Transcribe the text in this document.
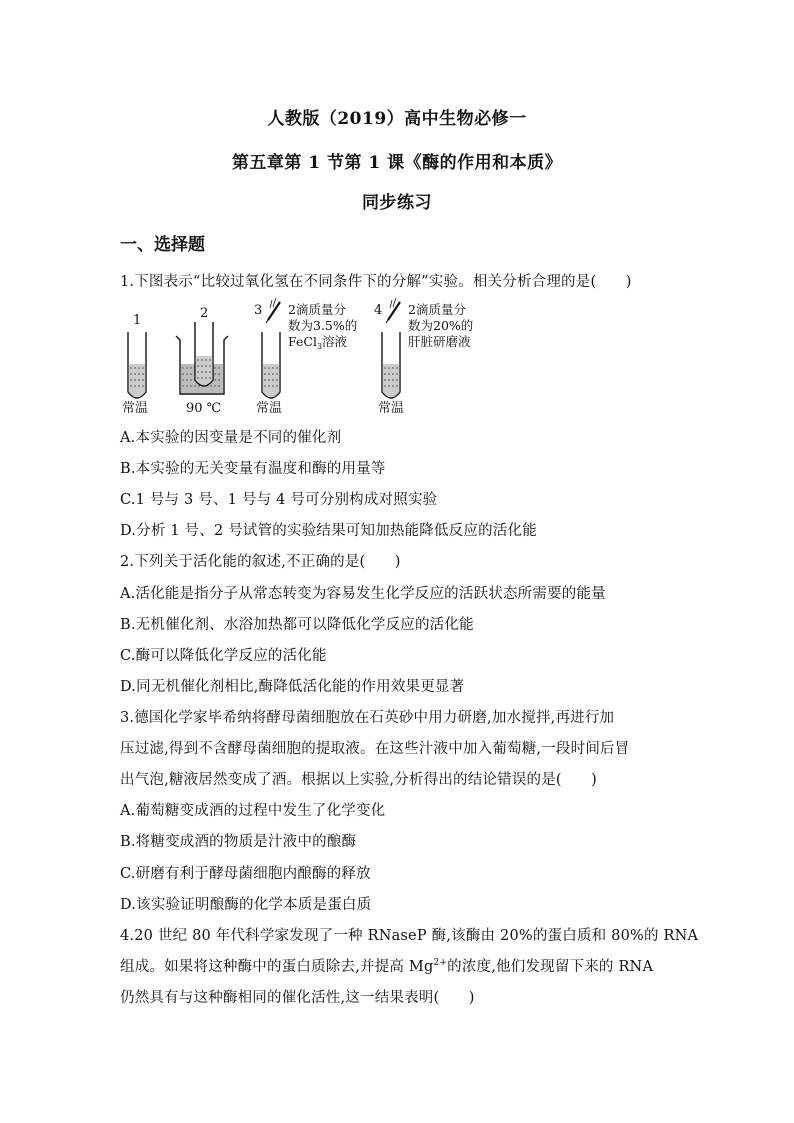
人教版（2019）高中生物必修一
第五章第 1 节第 1 课《酶的作用和本质》
同步练习
一、选择题
1.下图表示“比较过氧化氢在不同条件下的分解”实验。相关分析合理的是(　　)
1
常温
2
90 ℃
3 2滴质量分
数为3.5%的
FeCl$_3$溶液
常温
4 2滴质量分
数为20%的
肝脏研磨液
常温
A.本实验的因变量是不同的催化剂
B.本实验的无关变量有温度和酶的用量等
C.1 号与 3 号、1 号与 4 号可分别构成对照实验
D.分析 1 号、2 号试管的实验结果可知加热能降低反应的活化能
2.下列关于活化能的叙述,不正确的是(　　)
A.活化能是指分子从常态转变为容易发生化学反应的活跃状态所需要的能量
B.无机催化剂、水浴加热都可以降低化学反应的活化能
C.酶可以降低化学反应的活化能
D.同无机催化剂相比,酶降低活化能的作用效果更显著
3.德国化学家毕希纳将酵母菌细胞放在石英砂中用力研磨,加水搅拌,再进行加
压过滤,得到不含酵母菌细胞的提取液。在这些汁液中加入葡萄糖,一段时间后冒
出气泡,糖液居然变成了酒。根据以上实验,分析得出的结论错误的是(　　)
A.葡萄糖变成酒的过程中发生了化学变化
B.将糖变成酒的物质是汁液中的酿酶
C.研磨有利于酵母菌细胞内酿酶的释放
D.该实验证明酿酶的化学本质是蛋白质
4.20 世纪 80 年代科学家发现了一种 RNaseP 酶,该酶由 20%的蛋白质和 80%的 RNA
组成。如果将这种酶中的蛋白质除去,并提高 $Mg^{2+}$的浓度,他们发现留下来的 RNA
仍然具有与这种酶相同的催化活性,这一结果表明(　　)
